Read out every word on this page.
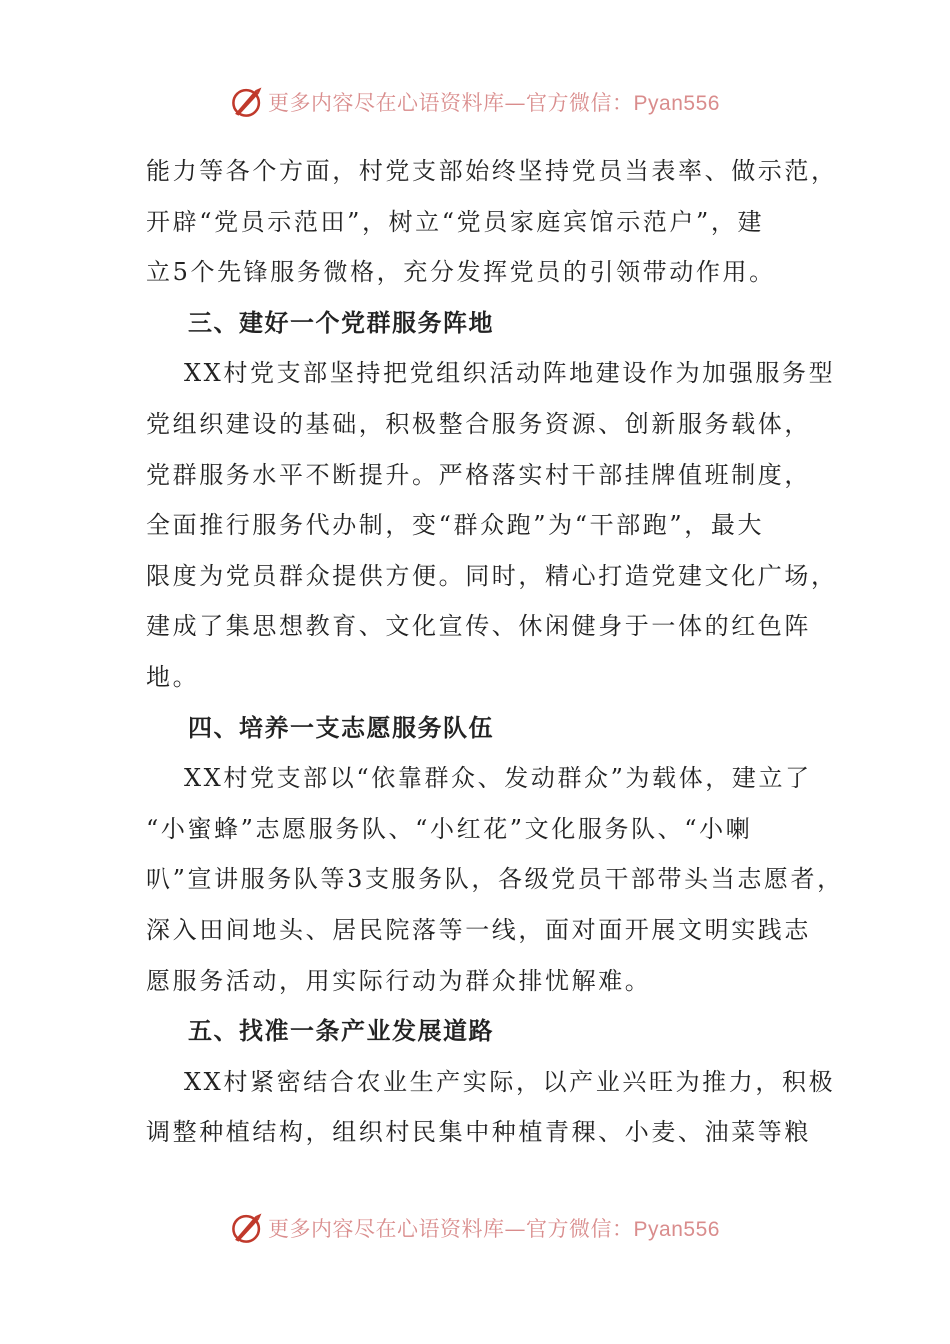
更多内容尽在心语资料库—官方微信：Pyan556
能力等各个方面，村党支部始终坚持党员当表率、做示范，
开辟“党员示范田”，树立“党员家庭宾馆示范户”，建
立5个先锋服务微格，充分发挥党员的引领带动作用。
三、建好一个党群服务阵地
XX村党支部坚持把党组织活动阵地建设作为加强服务型
党组织建设的基础，积极整合服务资源、创新服务载体，
党群服务水平不断提升。严格落实村干部挂牌值班制度，
全面推行服务代办制，变“群众跑”为“干部跑”，最大
限度为党员群众提供方便。同时，精心打造党建文化广场，
建成了集思想教育、文化宣传、休闲健身于一体的红色阵
地。
四、培养一支志愿服务队伍
XX村党支部以“依靠群众、发动群众”为载体，建立了
“小蜜蜂”志愿服务队、“小红花”文化服务队、“小喇
叭”宣讲服务队等3支服务队，各级党员干部带头当志愿者，
深入田间地头、居民院落等一线，面对面开展文明实践志
愿服务活动，用实际行动为群众排忧解难。
五、找准一条产业发展道路
XX村紧密结合农业生产实际，以产业兴旺为推力，积极
调整种植结构，组织村民集中种植青稞、小麦、油菜等粮
更多内容尽在心语资料库—官方微信：Pyan556
